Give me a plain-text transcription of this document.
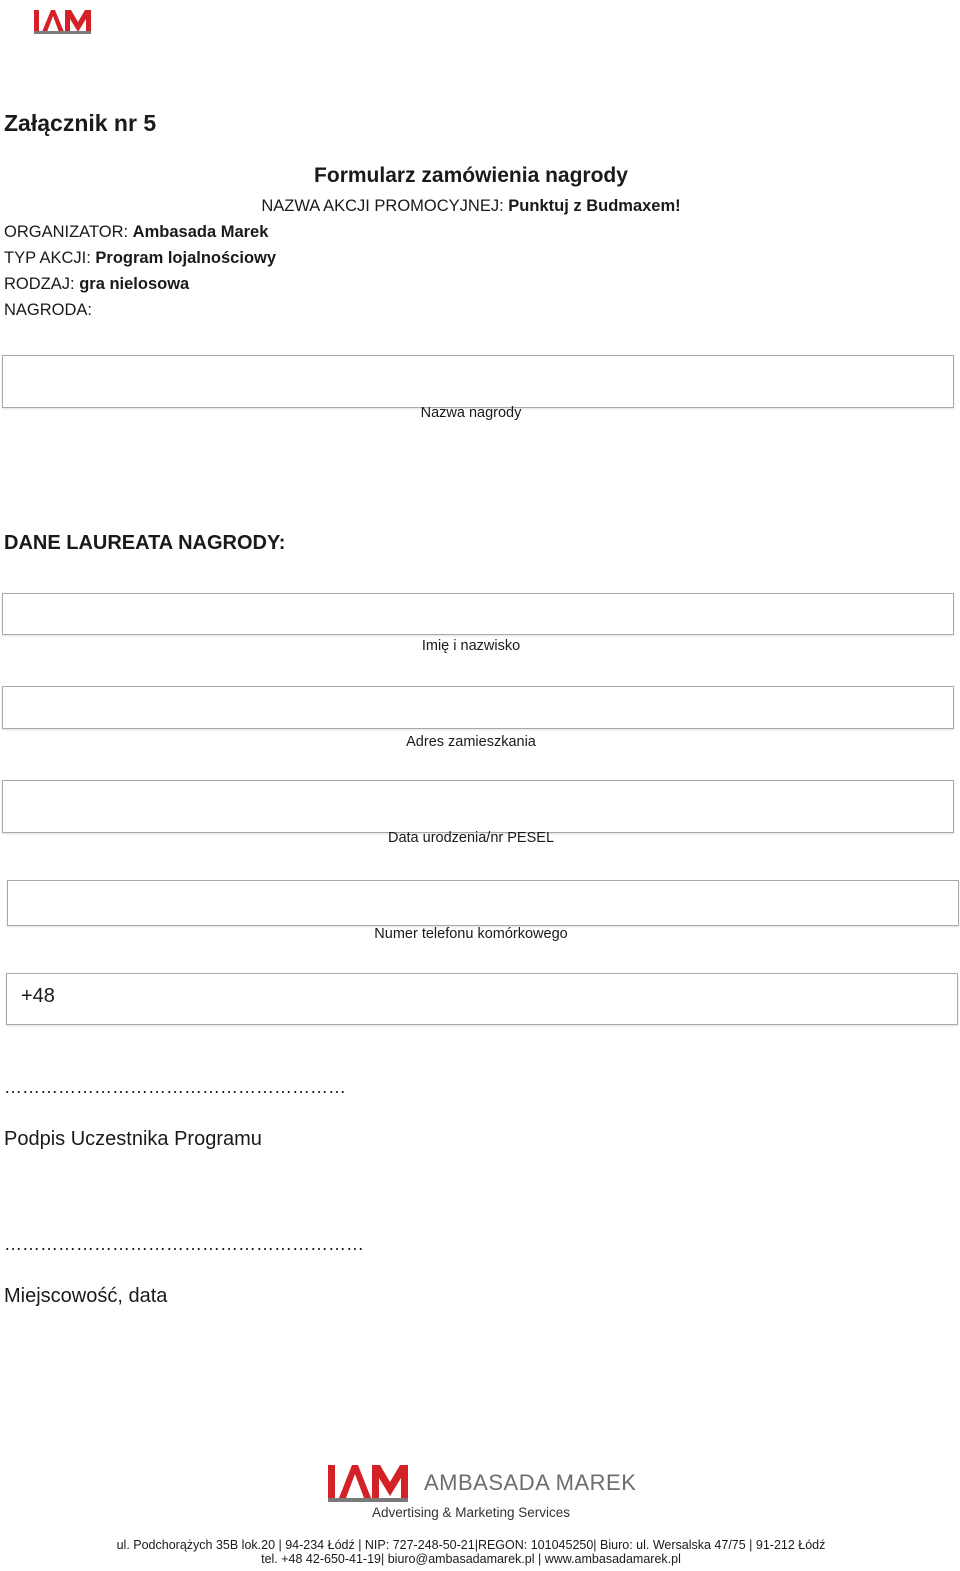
Załącznik nr 5
Formularz zamówienia nagrody
NAZWA AKCJI PROMOCYJNEJ: Punktuj z Budmaxem!
ORGANIZATOR: Ambasada Marek
TYP AKCJI: Program lojalnościowy
RODZAJ: gra nielosowa
NAGRODA:
Nazwa nagrody
DANE LAUREATA NAGRODY:
Imię i nazwisko
Adres zamieszkania
Data urodzenia/nr PESEL
Numer telefonu komórkowego
+48
…………………………………………………
Podpis Uczestnika Programu
……………………………………………………
Miejscowość, data
AMBASADA MAREK
Advertising & Marketing Services
ul. Podchorążych 35B lok.20 | 94-234 Łódź | NIP: 727-248-50-21|REGON: 101045250| Biuro: ul. Wersalska 47/75 | 91-212 Łódź
tel. +48 42-650-41-19| biuro@ambasadamarek.pl | www.ambasadamarek.pl
